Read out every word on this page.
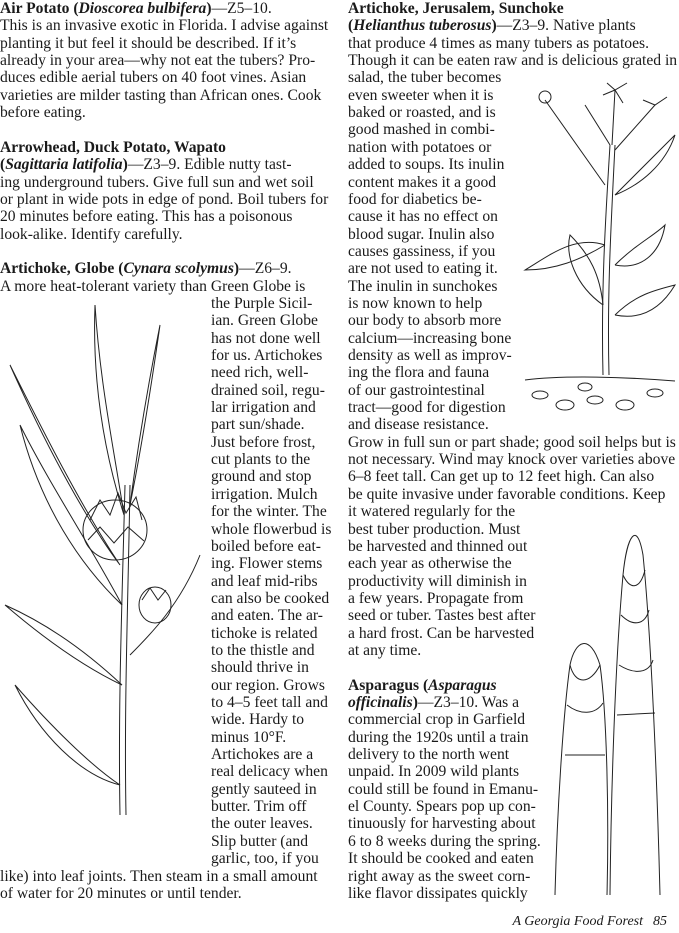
Air Potato (Dioscorea bulbifera)—Z5–10.
This is an invasive exotic in Florida. I advise against
planting it but feel it should be described. If it’s
already in your area—why not eat the tubers? Pro-
duces edible aerial tubers on 40 foot vines. Asian
varieties are milder tasting than African ones. Cook
before eating.
Arrowhead, Duck Potato, Wapato
(Sagittaria latifolia)—Z3–9. Edible nutty tast-
ing underground tubers. Give full sun and wet soil
or plant in wide pots in edge of pond. Boil tubers for
20 minutes before eating. This has a poisonous
look-alike. Identify carefully.
Artichoke, Globe (Cynara scolymus)—Z6–9.
A more heat-tolerant variety than Green Globe is
the Purple Sicil-
ian. Green Globe
has not done well
for us. Artichokes
need rich, well-
drained soil, regu-
lar irrigation and
part sun/shade.
Just before frost,
cut plants to the
ground and stop
irrigation. Mulch
for the winter. The
whole flowerbud is
boiled before eat-
ing. Flower stems
and leaf mid-ribs
can also be cooked
and eaten. The ar-
tichoke is related
to the thistle and
should thrive in
our region. Grows
to 4–5 feet tall and
wide. Hardy to
minus 10°F.
Artichokes are a
real delicacy when
gently sauteed in
butter. Trim off
the outer leaves.
Slip butter (and
garlic, too, if you
like) into leaf joints. Then steam in a small amount
of water for 20 minutes or until tender.
Artichoke, Jerusalem, Sunchoke
(Helianthus tuberosus)—Z3–9. Native plants
that produce 4 times as many tubers as potatoes.
Though it can be eaten raw and is delicious grated in
salad, the tuber becomes
even sweeter when it is
baked or roasted, and is
good mashed in combi-
nation with potatoes or
added to soups. Its inulin
content makes it a good
food for diabetics be-
cause it has no effect on
blood sugar. Inulin also
causes gassiness, if you
are not used to eating it.
The inulin in sunchokes
is now known to help
our body to absorb more
calcium—increasing bone
density as well as improv-
ing the flora and fauna
of our gastrointestinal
tract—good for digestion
and disease resistance.
Grow in full sun or part shade; good soil helps but is
not necessary. Wind may knock over varieties above
6–8 feet tall. Can get up to 12 feet high. Can also
be quite invasive under favorable conditions. Keep
it watered regularly for the
best tuber production. Must
be harvested and thinned out
each year as otherwise the
productivity will diminish in
a few years. Propagate from
seed or tuber. Tastes best after
a hard frost. Can be harvested
at any time.
Asparagus (Asparagus
officinalis)—Z3–10. Was a
commercial crop in Garfield
during the 1920s until a train
delivery to the north went
unpaid. In 2009 wild plants
could still be found in Emanu-
el County. Spears pop up con-
tinuously for harvesting about
6 to 8 weeks during the spring.
It should be cooked and eaten
right away as the sweet corn-
like flavor dissipates quickly
A Georgia Food Forest 85
